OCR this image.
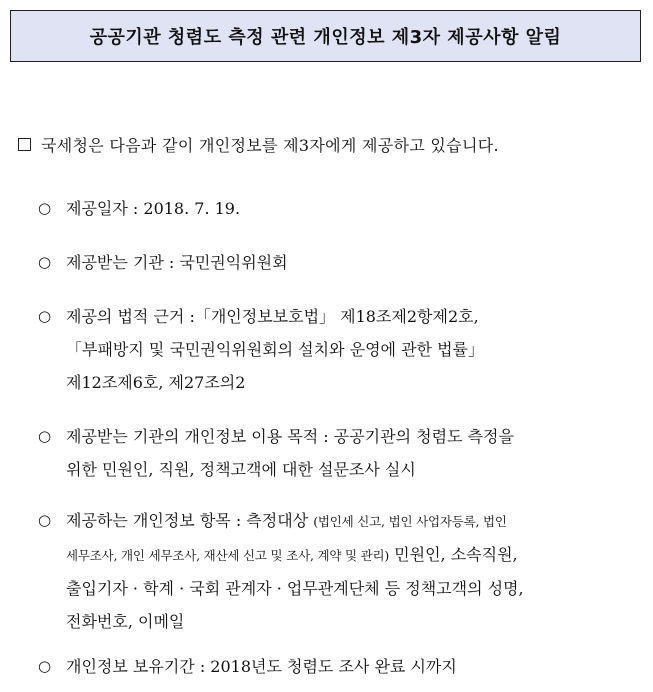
공공기관 청렴도 측정 관련 개인정보 제3자 제공사항 알림
국세청은 다음과 같이 개인정보를 제3자에게 제공하고 있습니다.
○ 제공일자 : 2018. 7. 19.
○ 제공받는 기관 : 국민권익위원회
○ 제공의 법적 근거 :「개인정보보호법」 제18조제2항제2호,
「부패방지 및 국민권익위원회의 설치와 운영에 관한 법률」
제12조제6호, 제27조의2
○ 제공받는 기관의 개인정보 이용 목적 : 공공기관의 청렴도 측정을
위한 민원인, 직원, 정책고객에 대한 설문조사 실시
○ 제공하는 개인정보 항목 : 측정대상 (법인세 신고, 법인 사업자등록, 법인
세무조사, 개인 세무조사, 재산세 신고 및 조사, 계약 및 관리) 민원인, 소속직원,
출입기자 · 학계 · 국회 관계자 · 업무관계단체 등 정책고객의 성명,
전화번호, 이메일
○ 개인정보 보유기간 : 2018년도 청렴도 조사 완료 시까지
